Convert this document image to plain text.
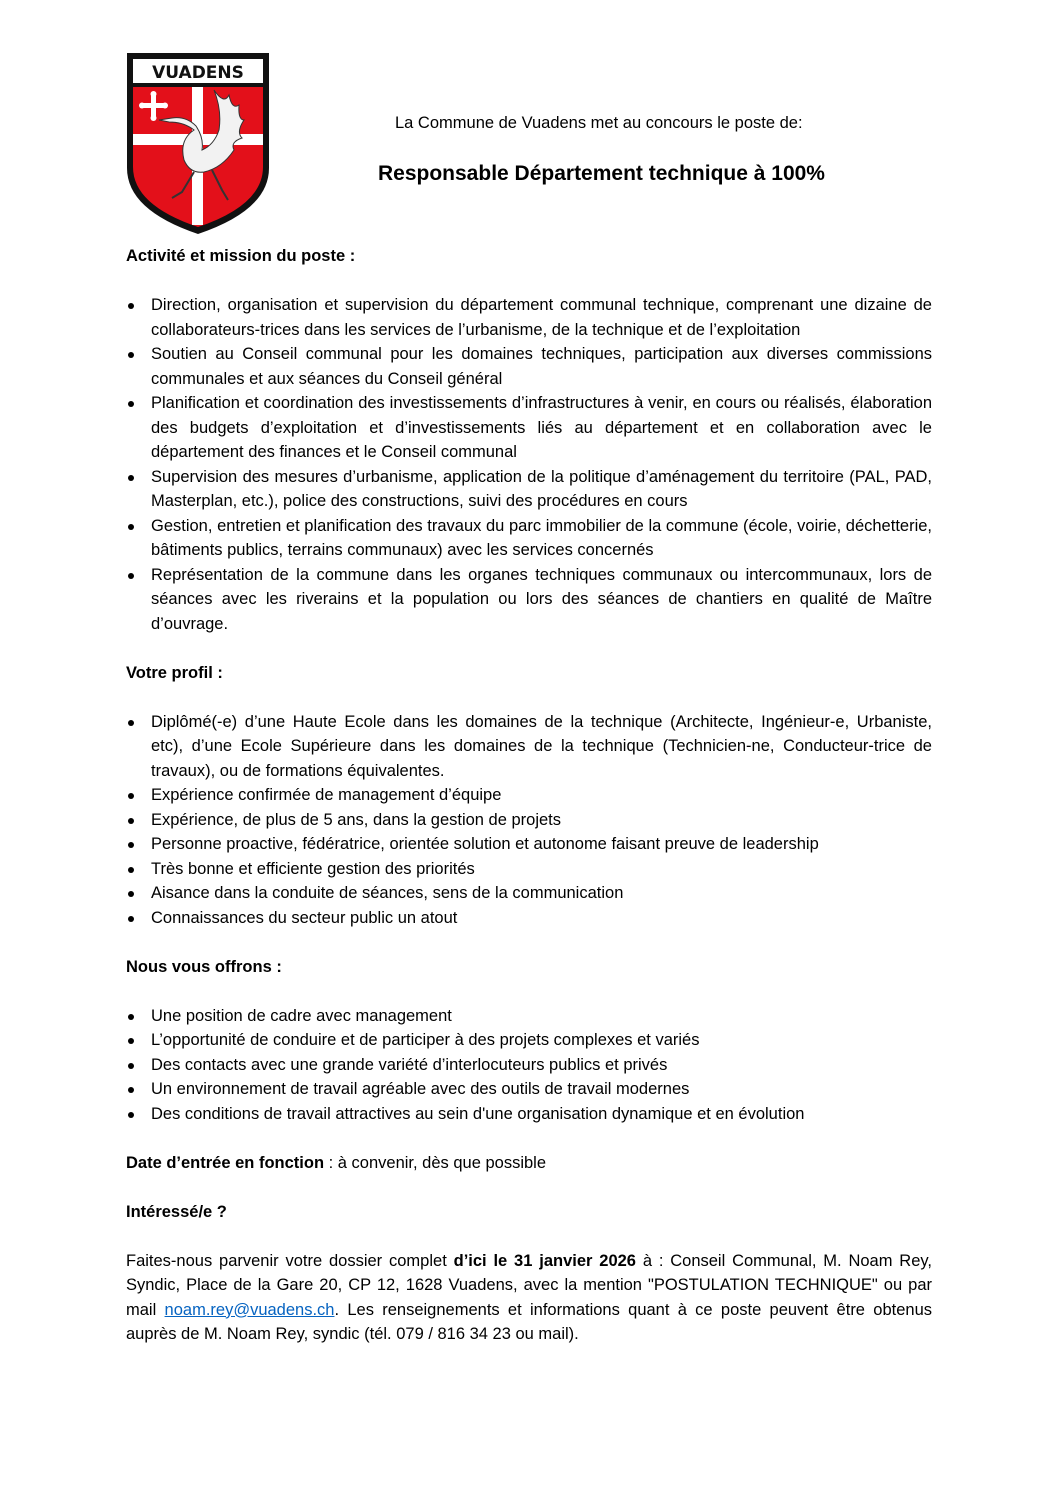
VUADENS
La Commune de Vuadens met au concours le poste de:
Responsable Département technique à 100%
Activité et mission du poste :
Direction, organisation et supervision du département communal technique, comprenant une dizaine de collaborateurs-trices dans les services de l’urbanisme, de la technique et de l’exploitation
Soutien au Conseil communal pour les domaines techniques, participation aux diverses commissions communales et aux séances du Conseil général
Planification et coordination des investissements d’infrastructures à venir, en cours ou réalisés, élaboration des budgets d’exploitation et d’investissements liés au département et en collaboration avec le département des finances et le Conseil communal
Supervision des mesures d’urbanisme, application de la politique d’aménagement du territoire (PAL, PAD, Masterplan, etc.), police des constructions, suivi des procédures en cours
Gestion, entretien et planification des travaux du parc immobilier de la commune (école, voirie, déchetterie, bâtiments publics, terrains communaux) avec les services concernés
Représentation de la commune dans les organes techniques communaux ou intercommunaux, lors de séances avec les riverains et la population ou lors des séances de chantiers en qualité de Maître d’ouvrage.
Votre profil :
Diplômé(-e) d’une Haute Ecole dans les domaines de la technique (Architecte, Ingénieur-e, Urbaniste, etc), d’une Ecole Supérieure dans les domaines de la technique (Technicien-ne, Conducteur-trice de travaux), ou de formations équivalentes.
Expérience confirmée de management d’équipe
Expérience, de plus de 5 ans, dans la gestion de projets
Personne proactive, fédératrice, orientée solution et autonome faisant preuve de leadership
Très bonne et efficiente gestion des priorités
Aisance dans la conduite de séances, sens de la communication
Connaissances du secteur public un atout
Nous vous offrons :
Une position de cadre avec management
L’opportunité de conduire et de participer à des projets complexes et variés
Des contacts avec une grande variété d’interlocuteurs publics et privés
Un environnement de travail agréable avec des outils de travail modernes
Des conditions de travail attractives au sein d'une organisation dynamique et en évolution

Date d’entrée en fonction : à convenir, dès que possible

Intéressé/e ?

Faites-nous parvenir votre dossier complet d’ici le 31 janvier 2026 à : Conseil Communal, M. Noam Rey, Syndic, Place de la Gare 20, CP 12, 1628 Vuadens, avec la mention "POSTULATION TECHNIQUE" ou par mail noam.rey@vuadens.ch. Les renseignements et informations quant à ce poste peuvent être obtenus auprès de M. Noam Rey, syndic (tél. 079 / 816 34 23 ou mail).
